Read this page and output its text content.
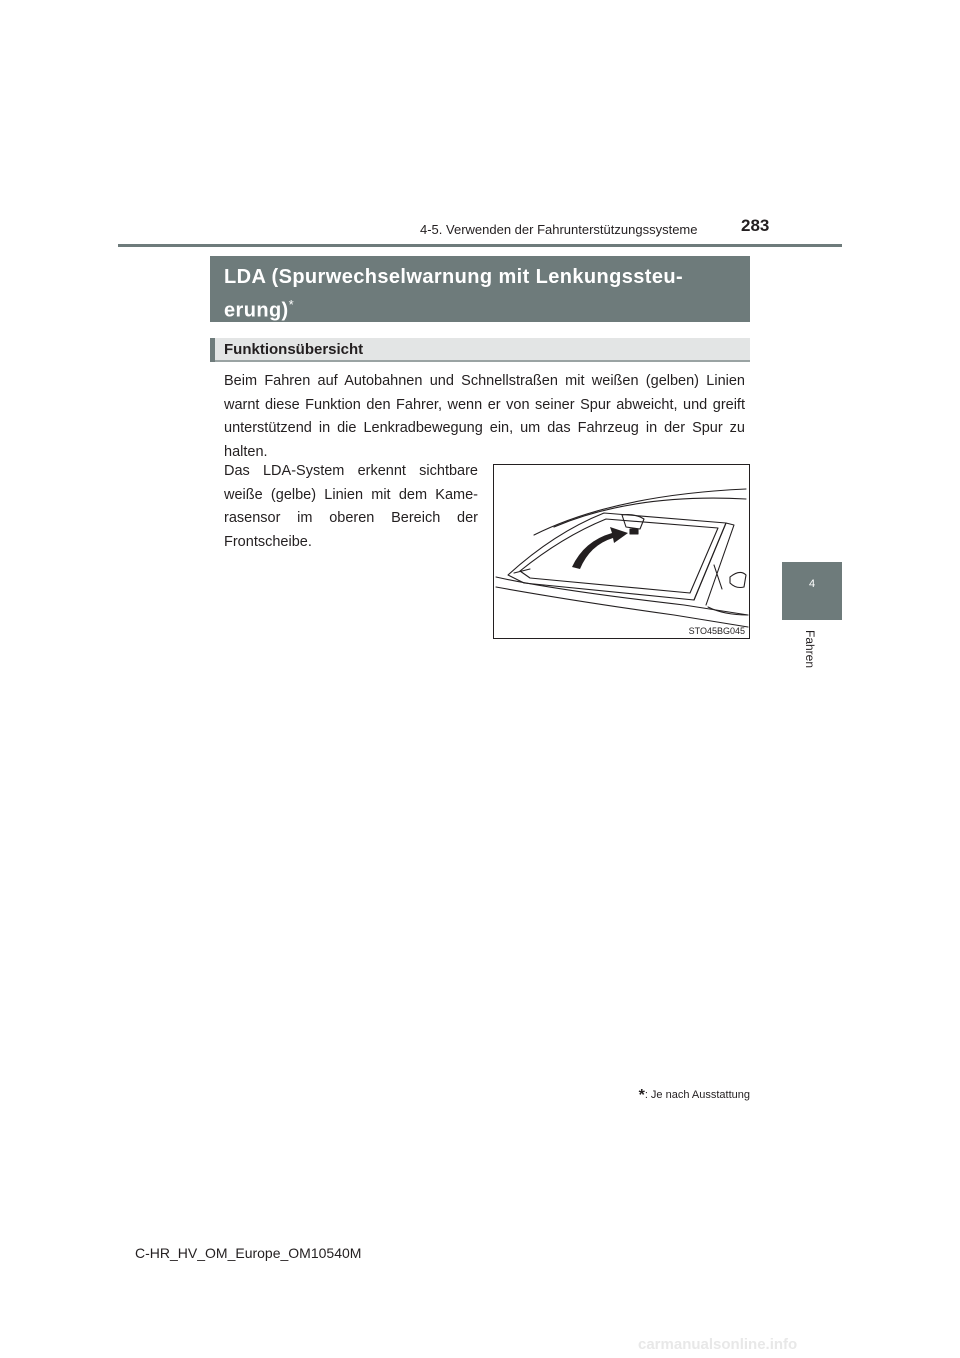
4-5. Verwenden der Fahrunterstützungssysteme	283
4
Fahren
LDA (Spurwechselwarnung mit Lenkungssteu-erung)*
Funktionsübersicht

Beim Fahren auf Autobahnen und Schnellstraßen mit weißen (gelben) Linien warnt diese Funktion den Fahrer, wenn er von seiner Spur abweicht, und greift unterstützend in die Lenkradbewegung ein, um das Fahrzeug in der Spur zu halten.

Das LDA-System erkennt sichtbare weiße (gelbe) Linien mit dem Kame-rasensor im oberen Bereich der Frontscheibe.

STO45BG045
*: Je nach Ausstattung
C-HR_HV_OM_Europe_OM10540M
carmanualsonline.info
